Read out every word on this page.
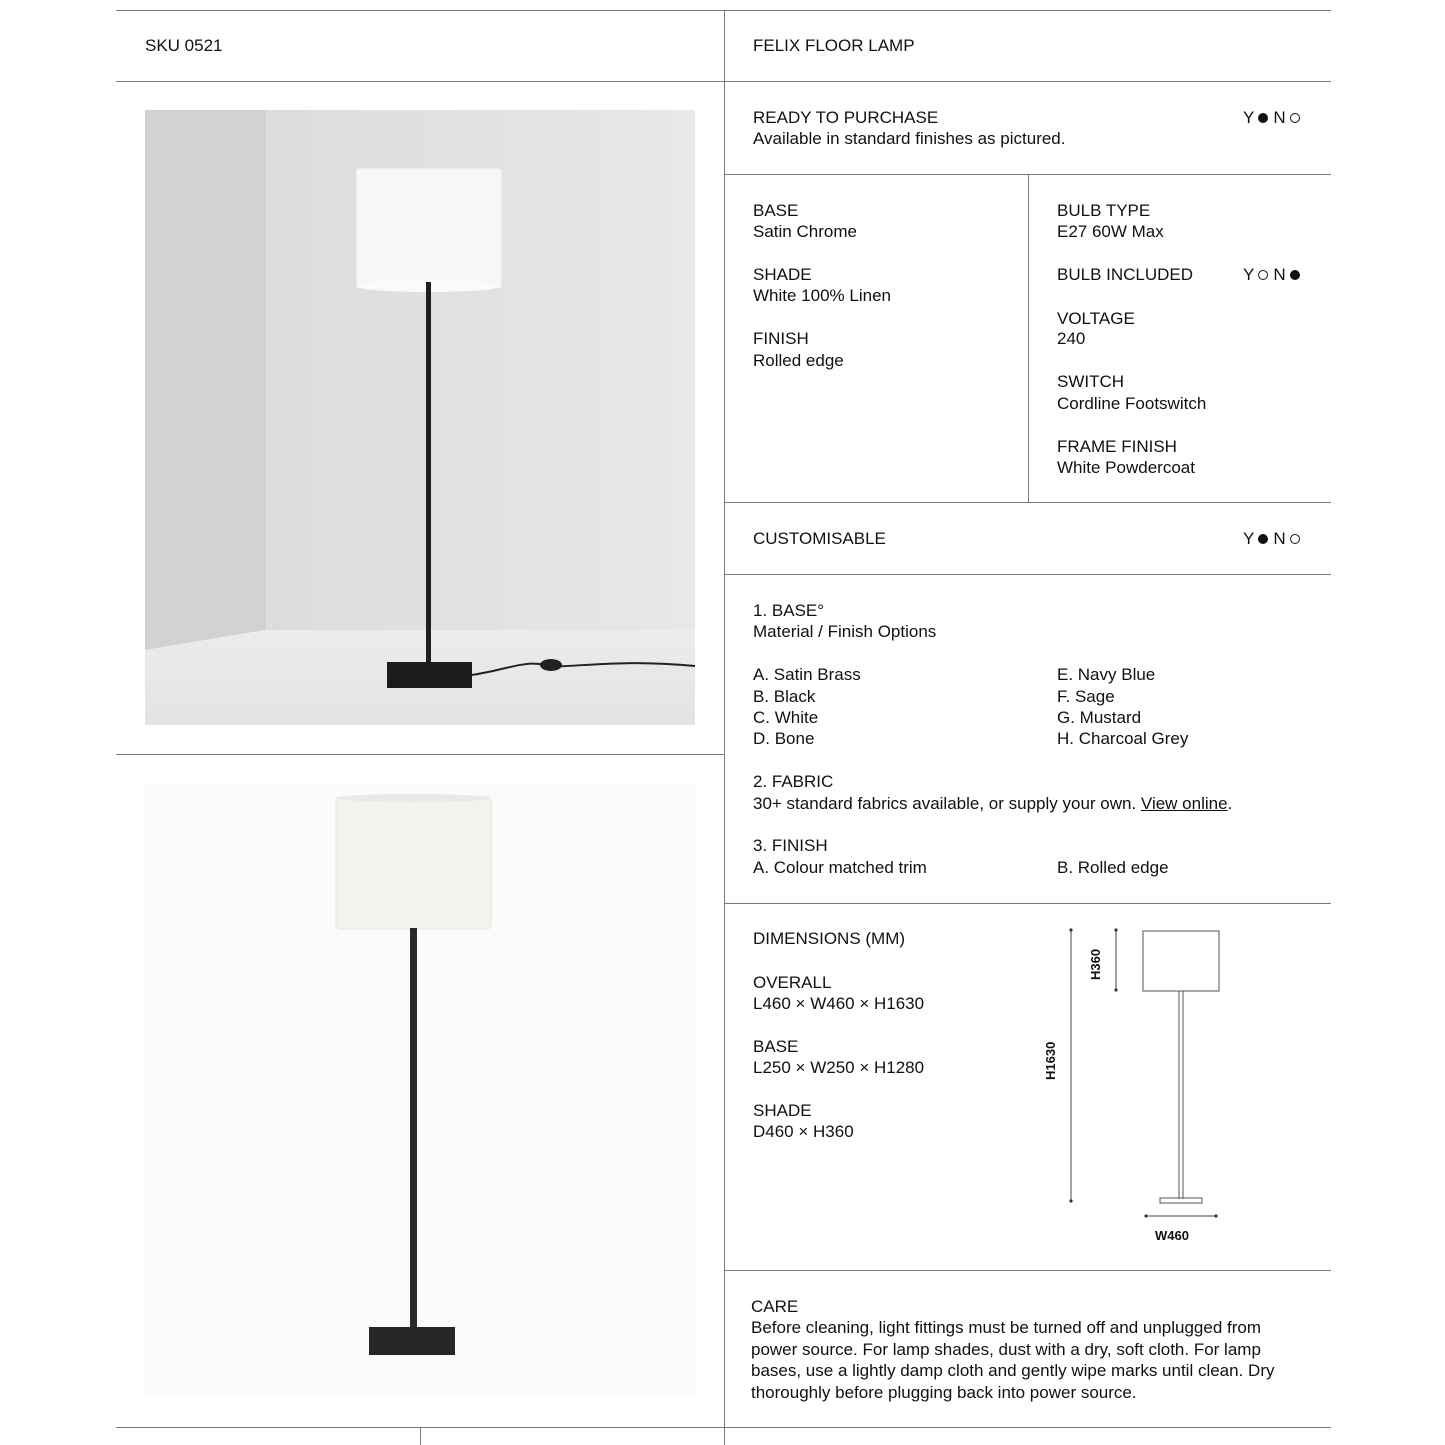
SKU 0521	FELIX FLOOR LAMP
READY TO PURCHASE
Available in standard finishes as pictured.
Y N
BASE
Satin Chrome
SHADE
White 100% Linen
FINISH
Rolled edge
BULB TYPE
E27 60W Max
BULB INCLUDED	Y N
VOLTAGE
240
SWITCH
Cordline Footswitch
FRAME FINISH
White Powdercoat
CUSTOMISABLE	Y N
1. BASE°
Material / Finish Options
A. Satin Brass
B. Black
C. White
D. Bone
E. Navy Blue
F. Sage
G. Mustard
H. Charcoal Grey
2. FABRIC
30+ standard fabrics available, or supply your own. View online.
3. FINISH
A. Colour matched trim	B. Rolled edge
DIMENSIONS (MM)
OVERALL
L460 × W460 × H1630
BASE
L250 × W250 × H1280
SHADE
D460 × H360
H360
H1630
W460
CARE
Before cleaning, light fittings must be turned off and unplugged from power source. For lamp shades, dust with a dry, soft cloth. For lamp bases, use a lightly damp cloth and gently wipe marks until clean. Dry thoroughly before plugging back into power source.
